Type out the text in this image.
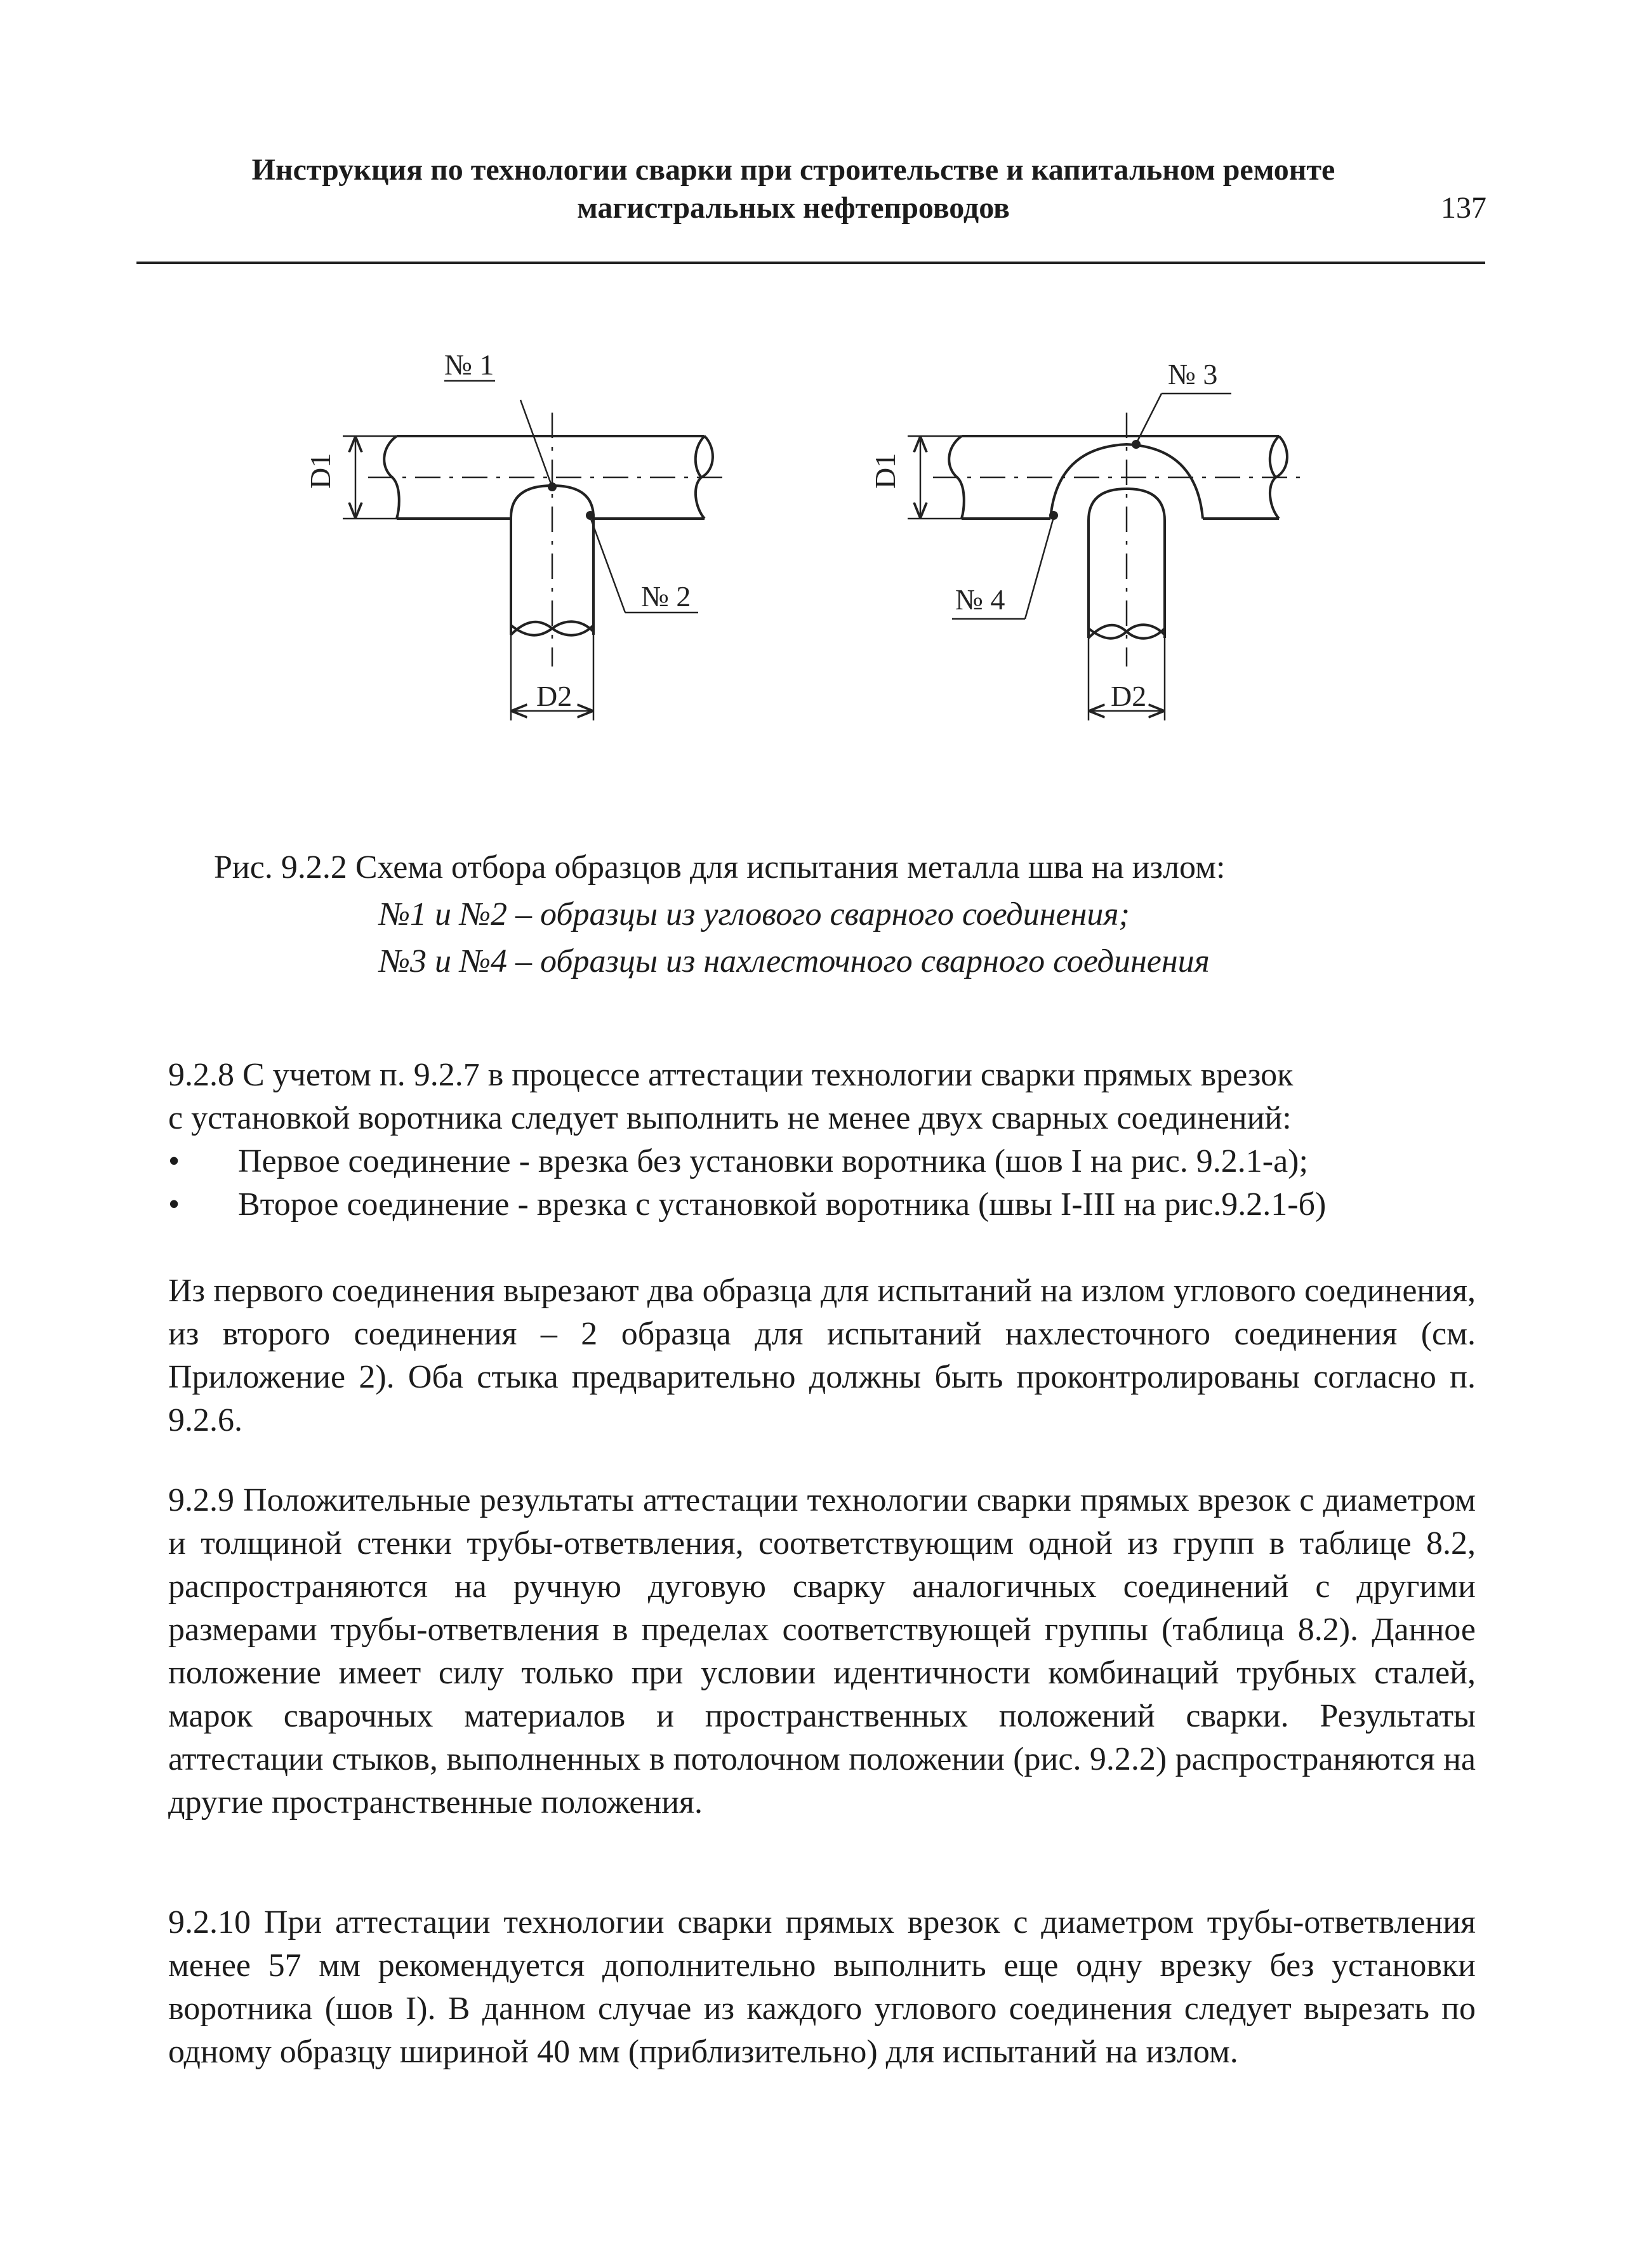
Инструкция по технологии сварки при строительстве и капитальном ремонте
магистральных нефтепроводов	137
№ 1
№ 2
D1
D2
№ 3
№ 4
D1
D2
Рис. 9.2.2 Схема отбора образцов для испытания металла шва на излом:
№1 и №2 – образцы из углового сварного соединения;
№3 и №4 – образцы из нахлесточного сварного соединения
9.2.8 С учетом п. 9.2.7 в процессе аттестации технологии сварки прямых врезок
с установкой воротника следует выполнить не менее двух сварных соединений:
• Первое соединение - врезка без установки воротника (шов I на рис. 9.2.1-а);
• Второе соединение - врезка с установкой воротника (швы I-III на рис.9.2.1-б)
Из первого соединения вырезают два образца для испытаний на излом углового соединения, из второго соединения – 2 образца для испытаний нахлесточного соединения (см. Приложение 2). Оба стыка предварительно должны быть проконтролированы согласно п. 9.2.6.
9.2.9 Положительные результаты аттестации технологии сварки прямых врезок с диаметром и толщиной стенки трубы-ответвления, соответствующим одной из групп в таблице 8.2, распространяются на ручную дуговую сварку аналогичных соединений с другими размерами трубы-ответвления в пределах соответствующей группы (таблица 8.2). Данное положение имеет силу только при условии идентичности комбинаций трубных сталей, марок сварочных материалов и пространственных положений сварки. Результаты аттестации стыков, выполненных в потолочном положении (рис. 9.2.2) распространяются на другие пространственные положения.
9.2.10 При аттестации технологии сварки прямых врезок с диаметром трубы-ответвления менее 57 мм рекомендуется дополнительно выполнить еще одну врезку без установки воротника (шов I). В данном случае из каждого углового соединения следует вырезать по одному образцу шириной 40 мм (приблизительно) для испытаний на излом.
